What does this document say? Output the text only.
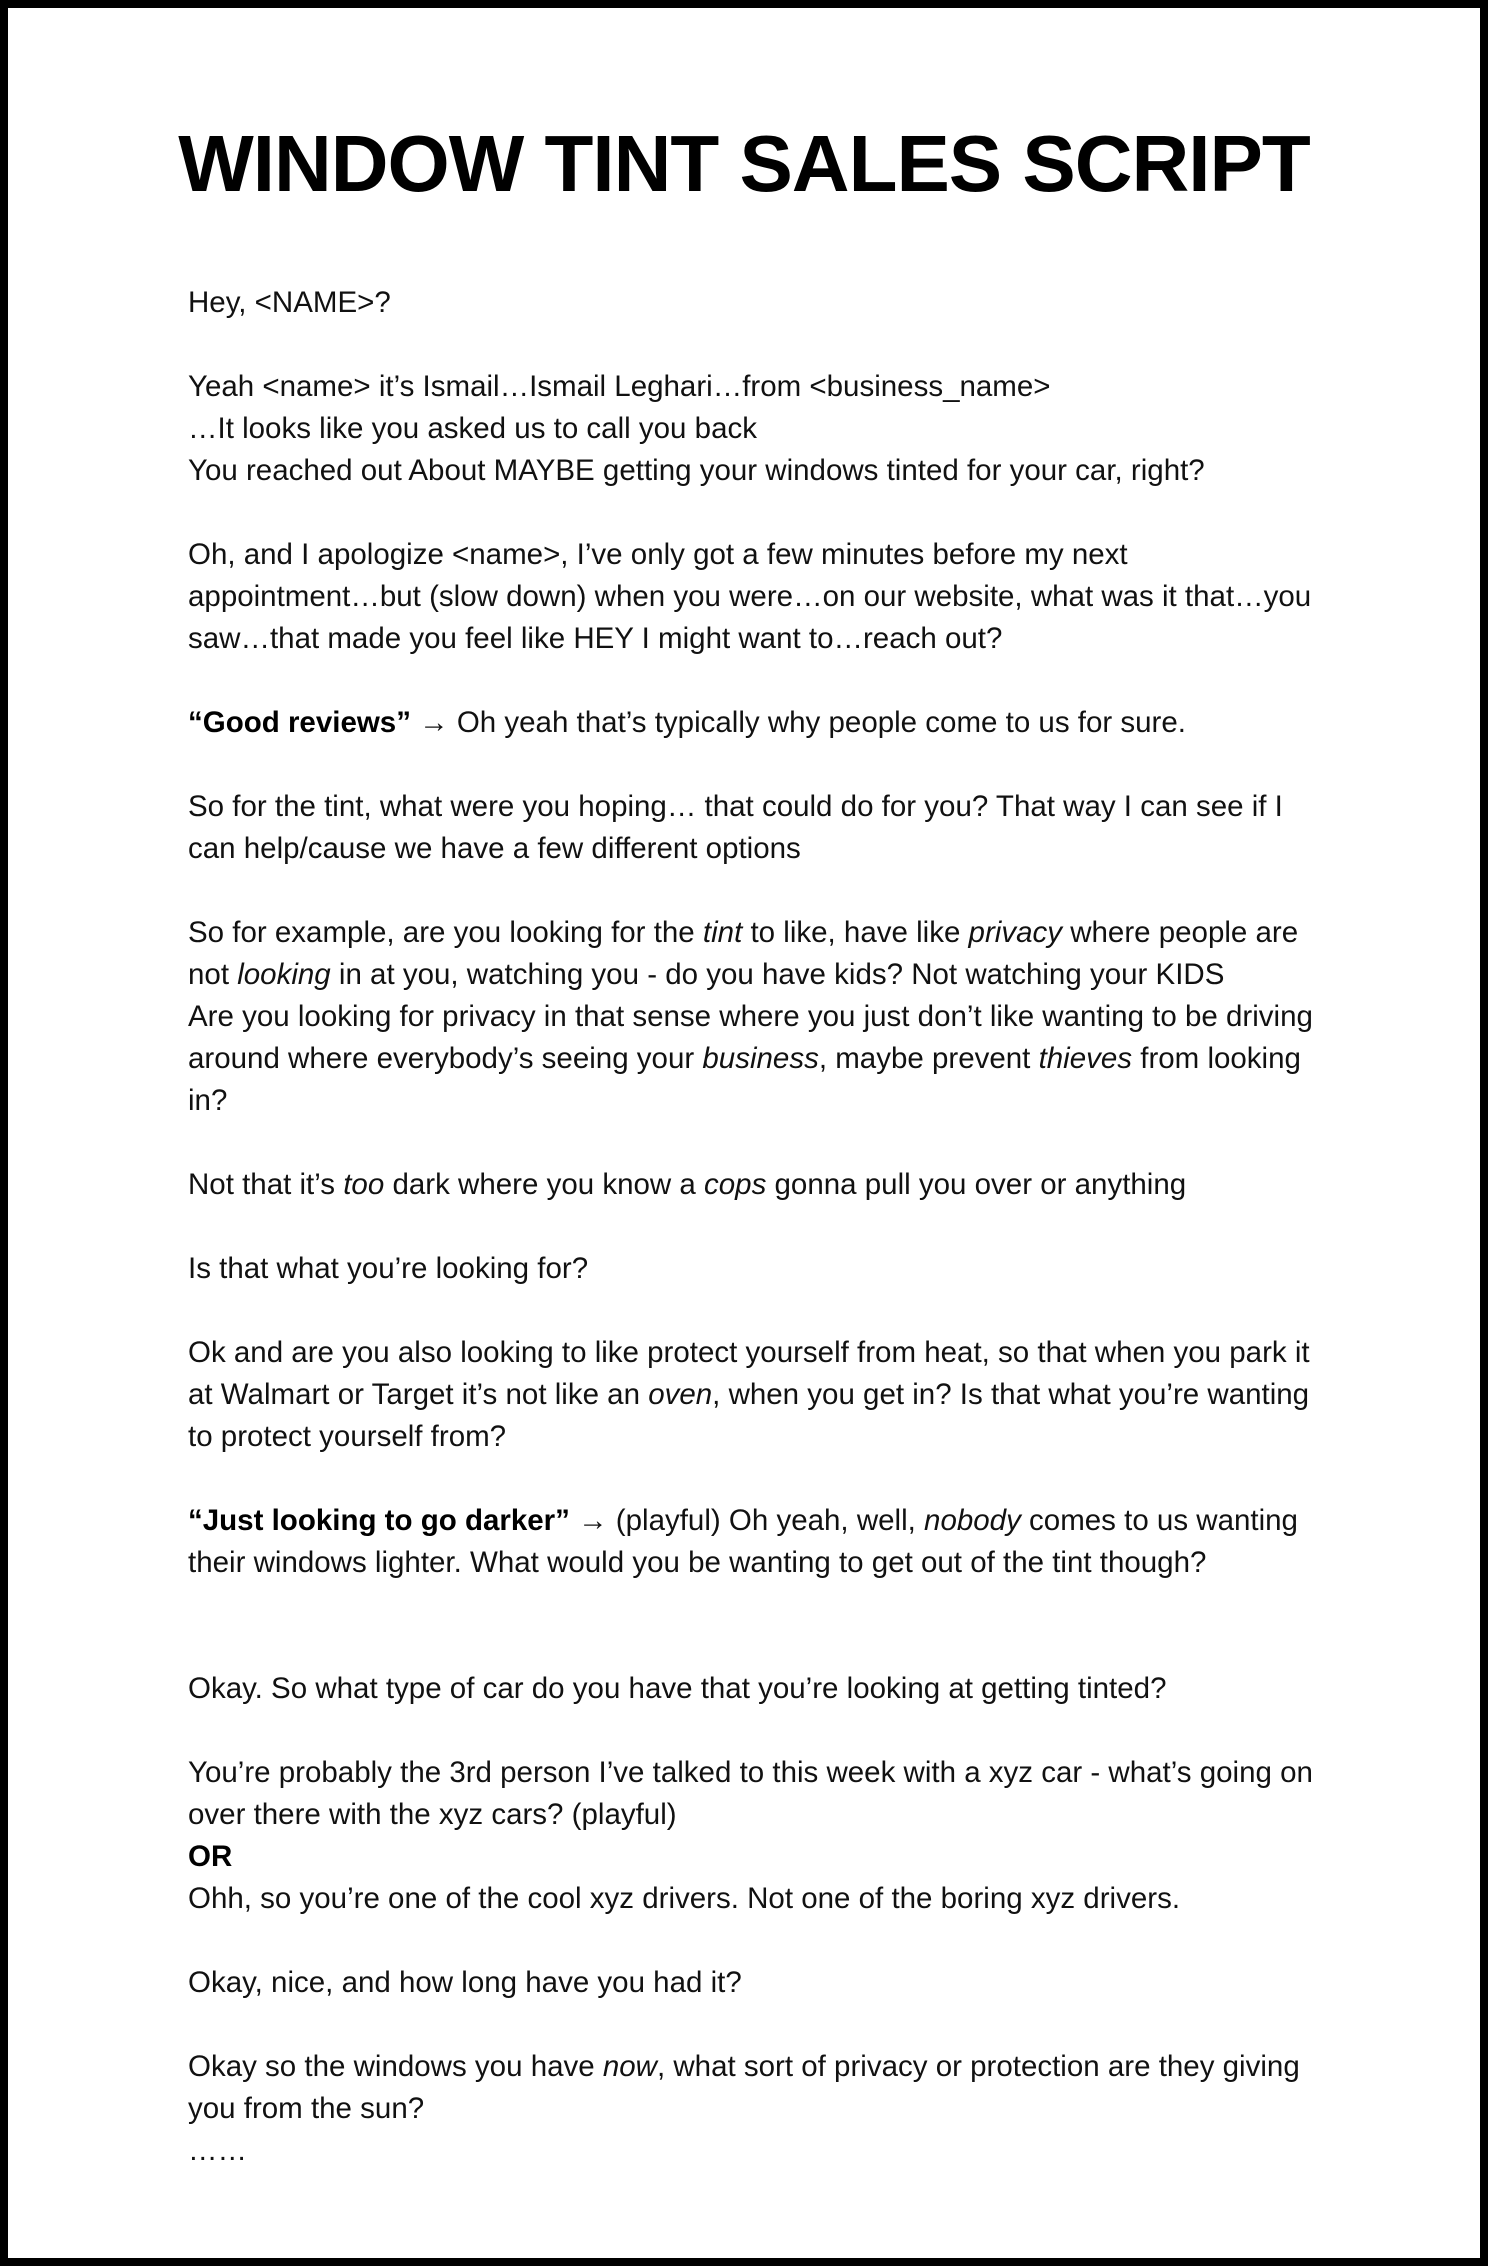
WINDOW TINT SALES SCRIPT

Hey, <NAME>?

Yeah <name> it’s Ismail…Ismail Leghari…from <business_name>
…It looks like you asked us to call you back
You reached out About MAYBE getting your windows tinted for your car, right?

Oh, and I apologize <name>, I’ve only got a few minutes before my next appointment…but (slow down) when you were…on our website, what was it that…you saw…that made you feel like HEY I might want to…reach out?

“Good reviews” → Oh yeah that’s typically why people come to us for sure.

So for the tint, what were you hoping… that could do for you? That way I can see if I can help/cause we have a few different options

So for example, are you looking for the tint to like, have like privacy where people are not looking in at you, watching you - do you have kids? Not watching your KIDS
Are you looking for privacy in that sense where you just don’t like wanting to be driving around where everybody’s seeing your business, maybe prevent thieves from looking in?

Not that it’s too dark where you know a cops gonna pull you over or anything

Is that what you’re looking for?

Ok and are you also looking to like protect yourself from heat, so that when you park it at Walmart or Target it’s not like an oven, when you get in? Is that what you’re wanting to protect yourself from?

“Just looking to go darker” → (playful) Oh yeah, well, nobody comes to us wanting their windows lighter. What would you be wanting to get out of the tint though?

Okay. So what type of car do you have that you’re looking at getting tinted?

You’re probably the 3rd person I’ve talked to this week with a xyz car - what’s going on over there with the xyz cars? (playful)
OR
Ohh, so you’re one of the cool xyz drivers. Not one of the boring xyz drivers.

Okay, nice, and how long have you had it?

Okay so the windows you have now, what sort of privacy or protection are they giving you from the sun?
……
